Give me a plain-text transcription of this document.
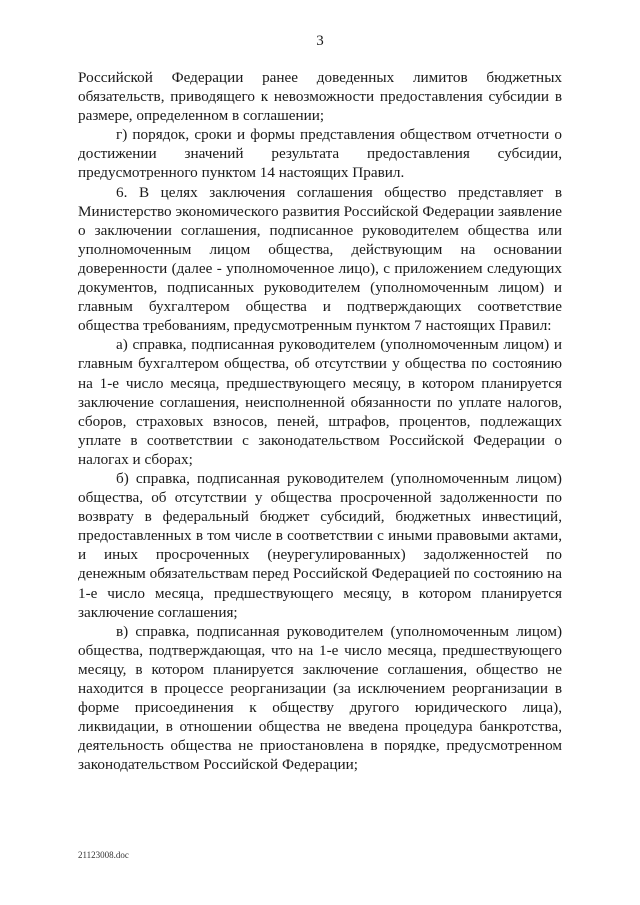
3

Российской Федерации ранее доведенных лимитов бюджетных обязательств, приводящего к невозможности предоставления субсидии в размере, определенном в соглашении;

г) порядок, сроки и формы представления обществом отчетности о достижении значений результата предоставления субсидии, предусмотренного пунктом 14 настоящих Правил.

6. В целях заключения соглашения общество представляет в Министерство экономического развития Российской Федерации заявление о заключении соглашения, подписанное руководителем общества или уполномоченным лицом общества, действующим на основании доверенности (далее - уполномоченное лицо), с приложением следующих документов, подписанных руководителем (уполномоченным лицом) и главным бухгалтером общества и подтверждающих соответствие общества требованиям, предусмотренным пунктом 7 настоящих Правил:

а) справка, подписанная руководителем (уполномоченным лицом) и главным бухгалтером общества, об отсутствии у общества по состоянию на 1-е число месяца, предшествующего месяцу, в котором планируется заключение соглашения, неисполненной обязанности по уплате налогов, сборов, страховых взносов, пеней, штрафов, процентов, подлежащих уплате в соответствии с законодательством Российской Федерации о налогах и сборах;

б) справка, подписанная руководителем (уполномоченным лицом) общества, об отсутствии у общества просроченной задолженности по возврату в федеральный бюджет субсидий, бюджетных инвестиций, предоставленных в том числе в соответствии с иными правовыми актами, и иных просроченных (неурегулированных) задолженностей по денежным обязательствам перед Российской Федерацией по состоянию на 1-е число месяца, предшествующего месяцу, в котором планируется заключение соглашения;

в) справка, подписанная руководителем (уполномоченным лицом) общества, подтверждающая, что на 1-е число месяца, предшествующего месяцу, в котором планируется заключение соглашения, общество не находится в процессе реорганизации (за исключением реорганизации в форме присоединения к обществу другого юридического лица), ликвидации, в отношении общества не введена процедура банкротства, деятельность общества не приостановлена в порядке, предусмотренном законодательством Российской Федерации;

21123008.doc
